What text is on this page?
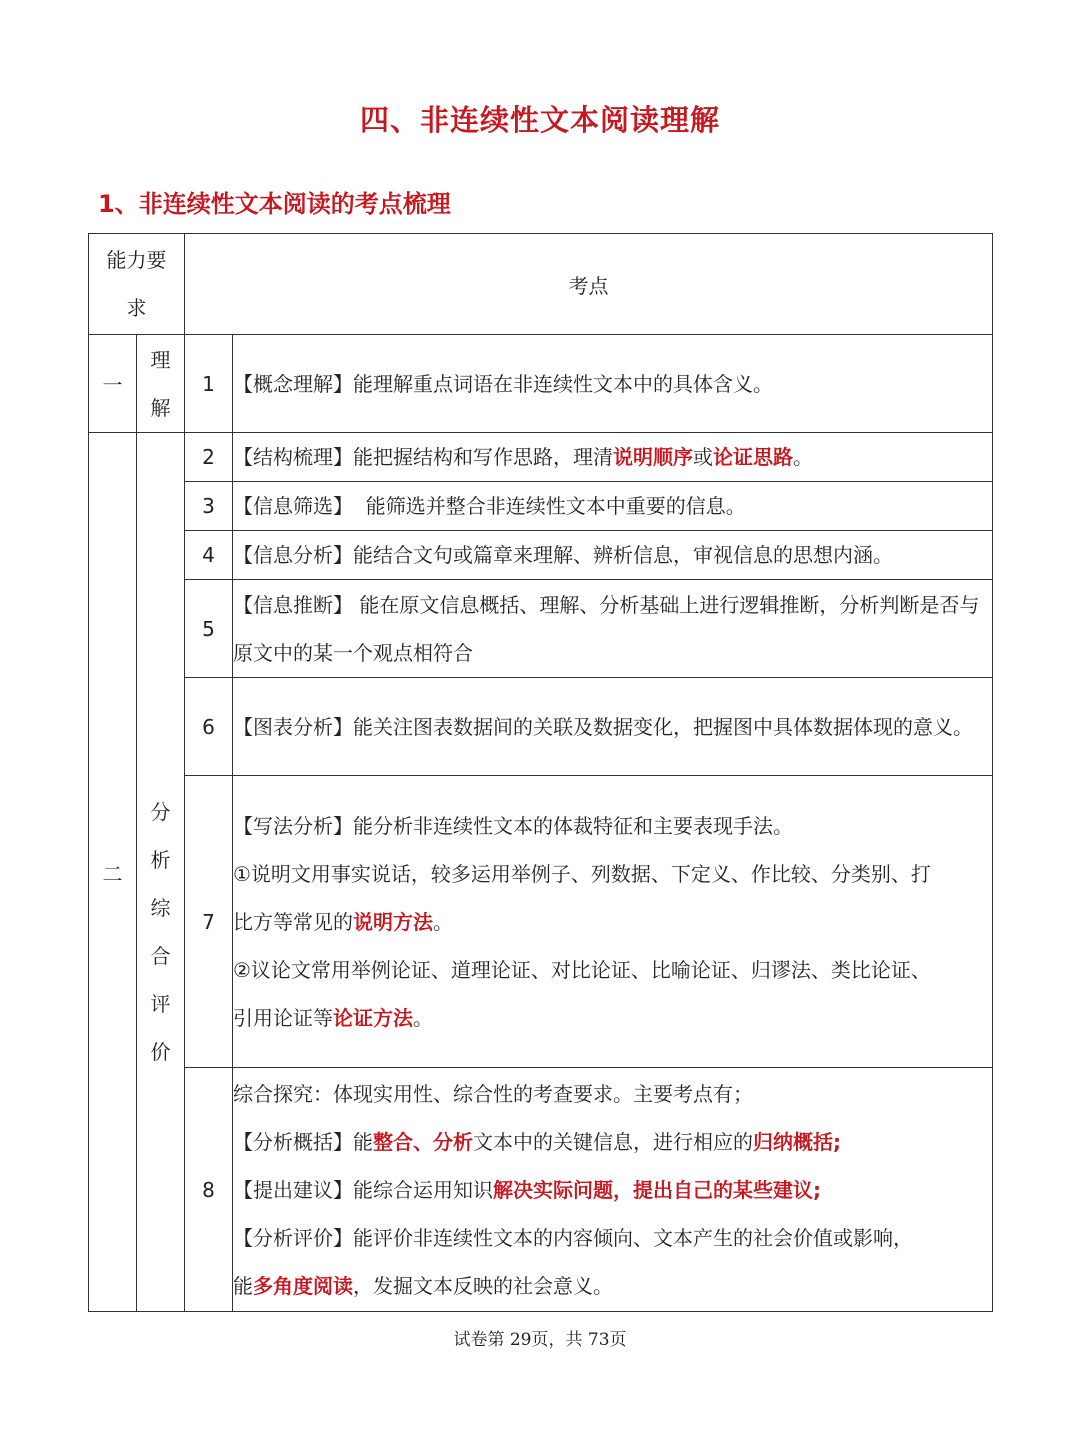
四、非连续性文本阅读理解
1、非连续性文本阅读的考点梳理
能力要求		考点	
一	理解	1	【概念理解】能理解重点词语在非连续性文本中的具体含义。
二	分析综合评价	2	【结构梳理】能把握结构和写作思路，理清说明顺序或论证思路。
		3	【信息筛选】  能筛选并整合非连续性文本中重要的信息。
		4	【信息分析】能结合文句或篇章来理解、辨析信息，审视信息的思想内涵。
		5	【信息推断】 能在原文信息概括、理解、分析基础上进行逻辑推断，分析判断是否与原文中的某一个观点相符合
		6	【图表分析】能关注图表数据间的关联及数据变化，把握图中具体数据体现的意义。
		7	【写法分析】能分析非连续性文本的体裁特征和主要表现手法。
①说明文用事实说话，较多运用举例子、列数据、下定义、作比较、分类别、打
比方等常见的说明方法。
②议论文常用举例论证、道理论证、对比论证、比喻论证、归谬法、类比论证、
引用论证等论证方法。

		8	综合探究：体现实用性、综合性的考查要求。主要考点有；
【分析概括】能整合、分析文本中的关键信息，进行相应的归纳概括;
【提出建议】能综合运用知识解决实际问题，提出自己的某些建议;
【分析评价】能评价非连续性文本的内容倾向、文本产生的社会价值或影响，
能多角度阅读，发掘文本反映的社会意义。
试卷第 29页，共 73页
